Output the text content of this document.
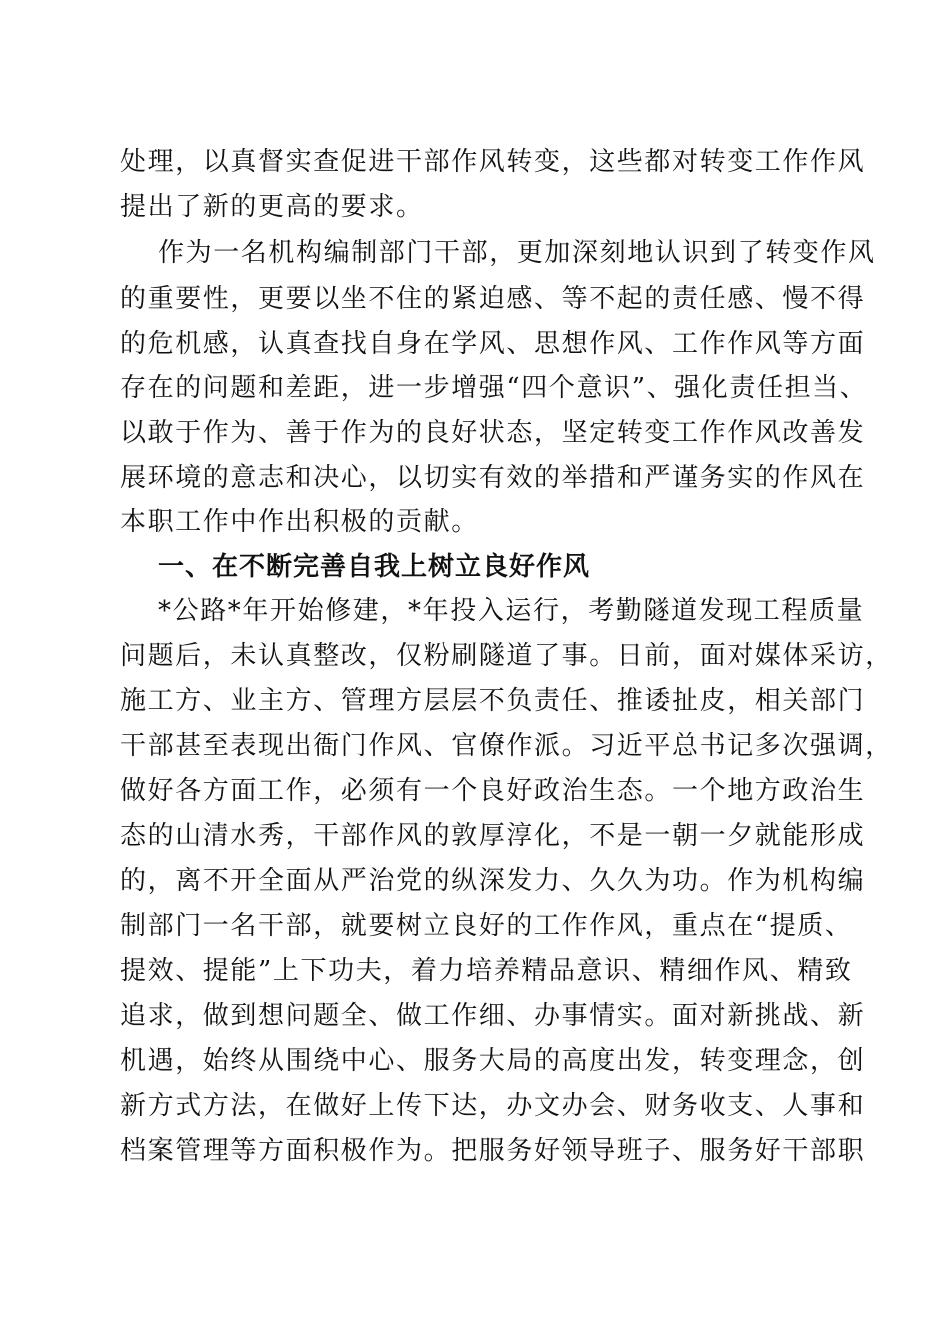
处理，以真督实查促进干部作风转变，这些都对转变工作作风
提出了新的更高的要求。
作为一名机构编制部门干部，更加深刻地认识到了转变作风
的重要性，更要以坐不住的紧迫感、等不起的责任感、慢不得
的危机感，认真查找自身在学风、思想作风、工作作风等方面
存在的问题和差距，进一步增强“四个意识”、强化责任担当、
以敢于作为、善于作为的良好状态，坚定转变工作作风改善发
展环境的意志和决心，以切实有效的举措和严谨务实的作风在
本职工作中作出积极的贡献。
一、在不断完善自我上树立良好作风
*公路*年开始修建，*年投入运行，考勤隧道发现工程质量
问题后，未认真整改，仅粉刷隧道了事。日前，面对媒体采访，
施工方、业主方、管理方层层不负责任、推诿扯皮，相关部门
干部甚至表现出衙门作风、官僚作派。习近平总书记多次强调，
做好各方面工作，必须有一个良好政治生态。一个地方政治生
态的山清水秀，干部作风的敦厚淳化，不是一朝一夕就能形成
的，离不开全面从严治党的纵深发力、久久为功。作为机构编
制部门一名干部，就要树立良好的工作作风，重点在“提质、
提效、提能”上下功夫，着力培养精品意识、精细作风、精致
追求，做到想问题全、做工作细、办事情实。面对新挑战、新
机遇，始终从围绕中心、服务大局的高度出发，转变理念，创
新方式方法，在做好上传下达，办文办会、财务收支、人事和
档案管理等方面积极作为。把服务好领导班子、服务好干部职
